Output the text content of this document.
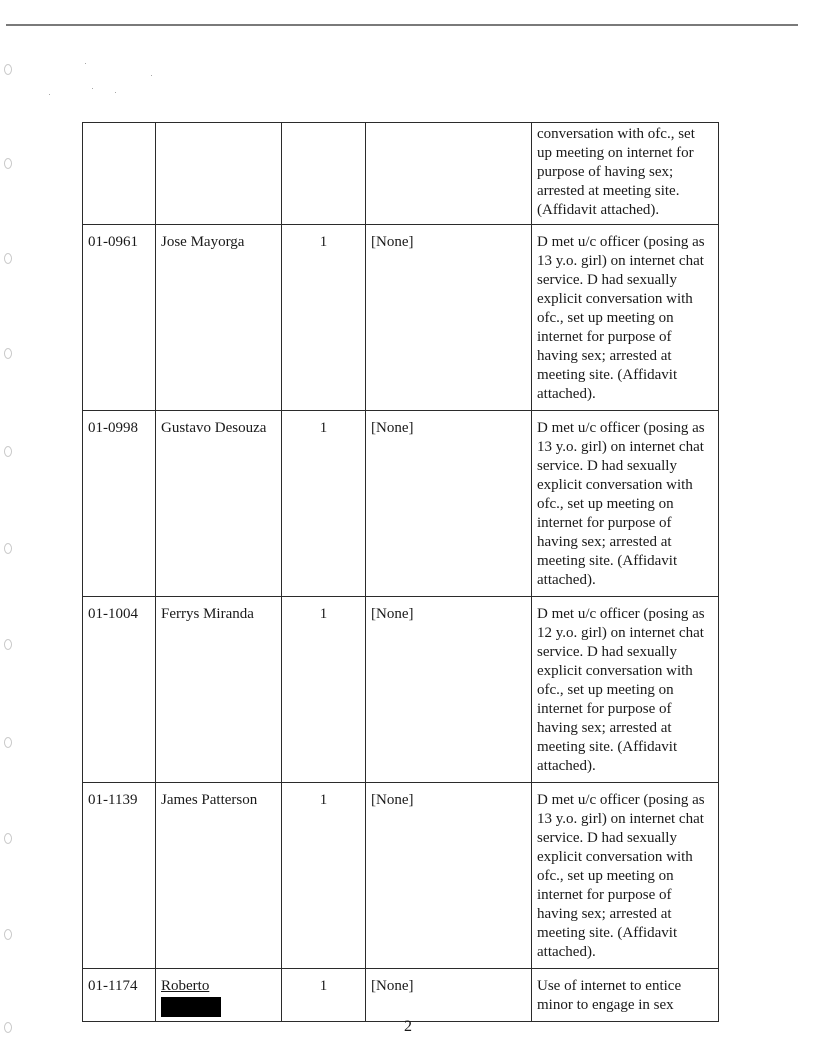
				conversation with ofc., set up meeting on internet for purpose of having sex; arrested at meeting site. (Affidavit attached).
01-0961	Jose Mayorga	1	[None]	D met u/c officer (posing as 13 y.o. girl) on internet chat service. D had sexually explicit conversation with ofc., set up meeting on internet for purpose of having sex; arrested at meeting site. (Affidavit attached).
01-0998	Gustavo Desouza	1	[None]	D met u/c officer (posing as 13 y.o. girl) on internet chat service. D had sexually explicit conversation with ofc., set up meeting on internet for purpose of having sex; arrested at meeting site. (Affidavit attached).
01-1004	Ferrys Miranda	1	[None]	D met u/c officer (posing as 12 y.o. girl) on internet chat service. D had sexually explicit conversation with ofc., set up meeting on internet for purpose of having sex; arrested at meeting site. (Affidavit attached).
01-1139	James Patterson	1	[None]	D met u/c officer (posing as 13 y.o. girl) on internet chat service. D had sexually explicit conversation with ofc., set up meeting on internet for purpose of having sex; arrested at meeting site. (Affidavit attached).
01-1174	Roberto	1	[None]	Use of internet to entice minor to engage in sex
2
